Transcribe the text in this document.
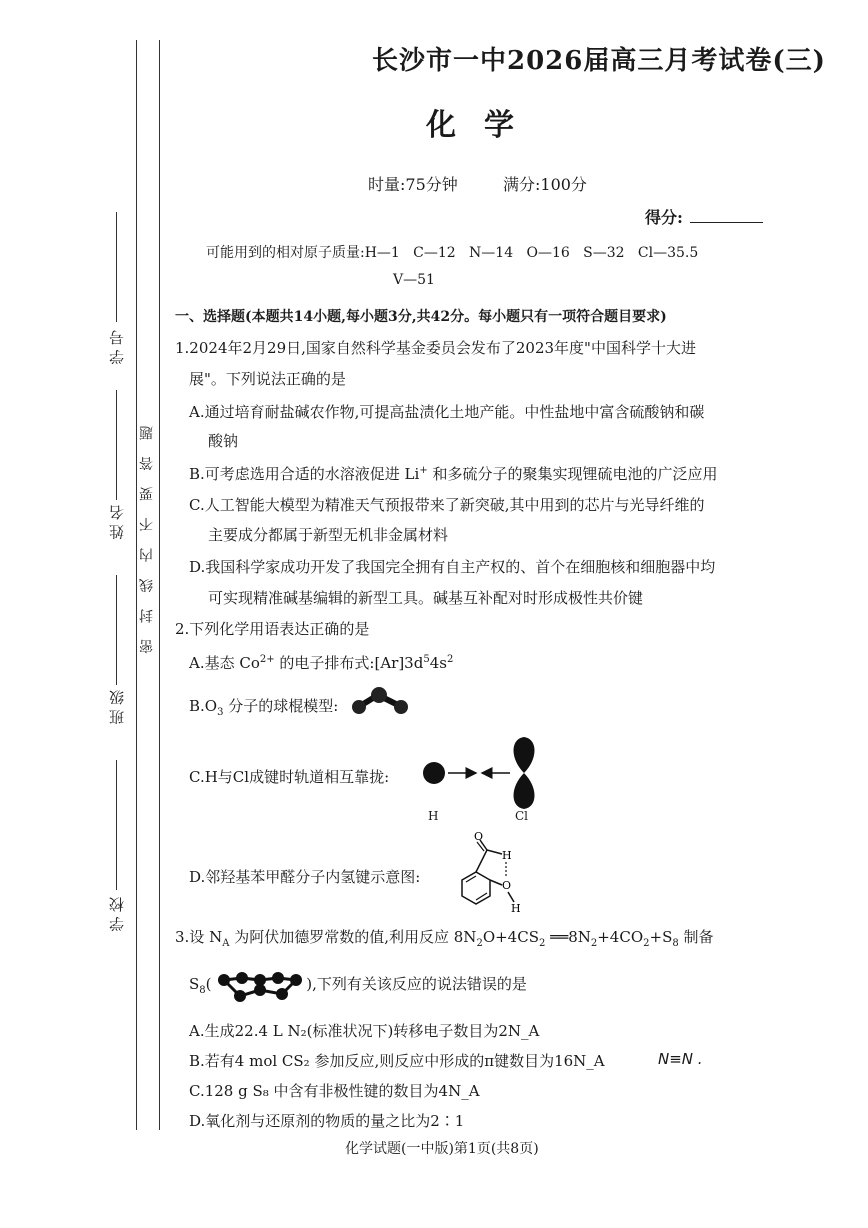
学 校
班 级
姓 名
学 号
密 封 线 内 不 要 答 题
长沙市一中2026届高三月考试卷(三)
化学
时量:75分钟	满分:100分
得分:
可能用到的相对原子质量:H—1   C—12   N—14   O—16   S—32   Cl—35.5
V—51
一、选择题(本题共14小题,每小题3分,共42分。每小题只有一项符合题目要求)
1.2024年2月29日,国家自然科学基金委员会发布了2023年度"中国科学十大进
展"。下列说法正确的是
A.通过培育耐盐碱农作物,可提高盐渍化土地产能。中性盐地中富含硫酸钠和碳
酸钠
B.可考虑选用合适的水溶液促进 Li+ 和多硫分子的聚集实现锂硫电池的广泛应用
C.人工智能大模型为精准天气预报带来了新突破,其中用到的芯片与光导纤维的
主要成分都属于新型无机非金属材料
D.我国科学家成功开发了我国完全拥有自主产权的、首个在细胞核和细胞器中均
可实现精准碱基编辑的新型工具。碱基互补配对时形成极性共价键
2.下列化学用语表达正确的是
A.基态 $Co^{2+}$ 的电子排布式$:[Ar]3d^54s^2$
$B.O_3$ 分子的球棍模型:
C.H与Cl成键时轨道相互靠拢:
H	Cl
D.邻羟基苯甲醛分子内氢键示意图:
O
H
O
H
3.设 $N_A$ 为阿伏加德罗常数的值,利用反应 $8N_2O+4CS_2$ $══8N_2+4CO_2+S_8$ 制备
$S_8$(	),下列有关该反应的说法错误的是
A.生成22.4 L N₂(标准状况下)转移电子数目为2N_A
B.若有4 mol CS₂ 参加反应,则反应中形成的π键数目为16N_A	N≡N .
C.128 g S₈ 中含有非极性键的数目为4N_A
D.氧化剂与还原剂的物质的量之比为2∶1
化学试题(一中版)第1页(共8页)
